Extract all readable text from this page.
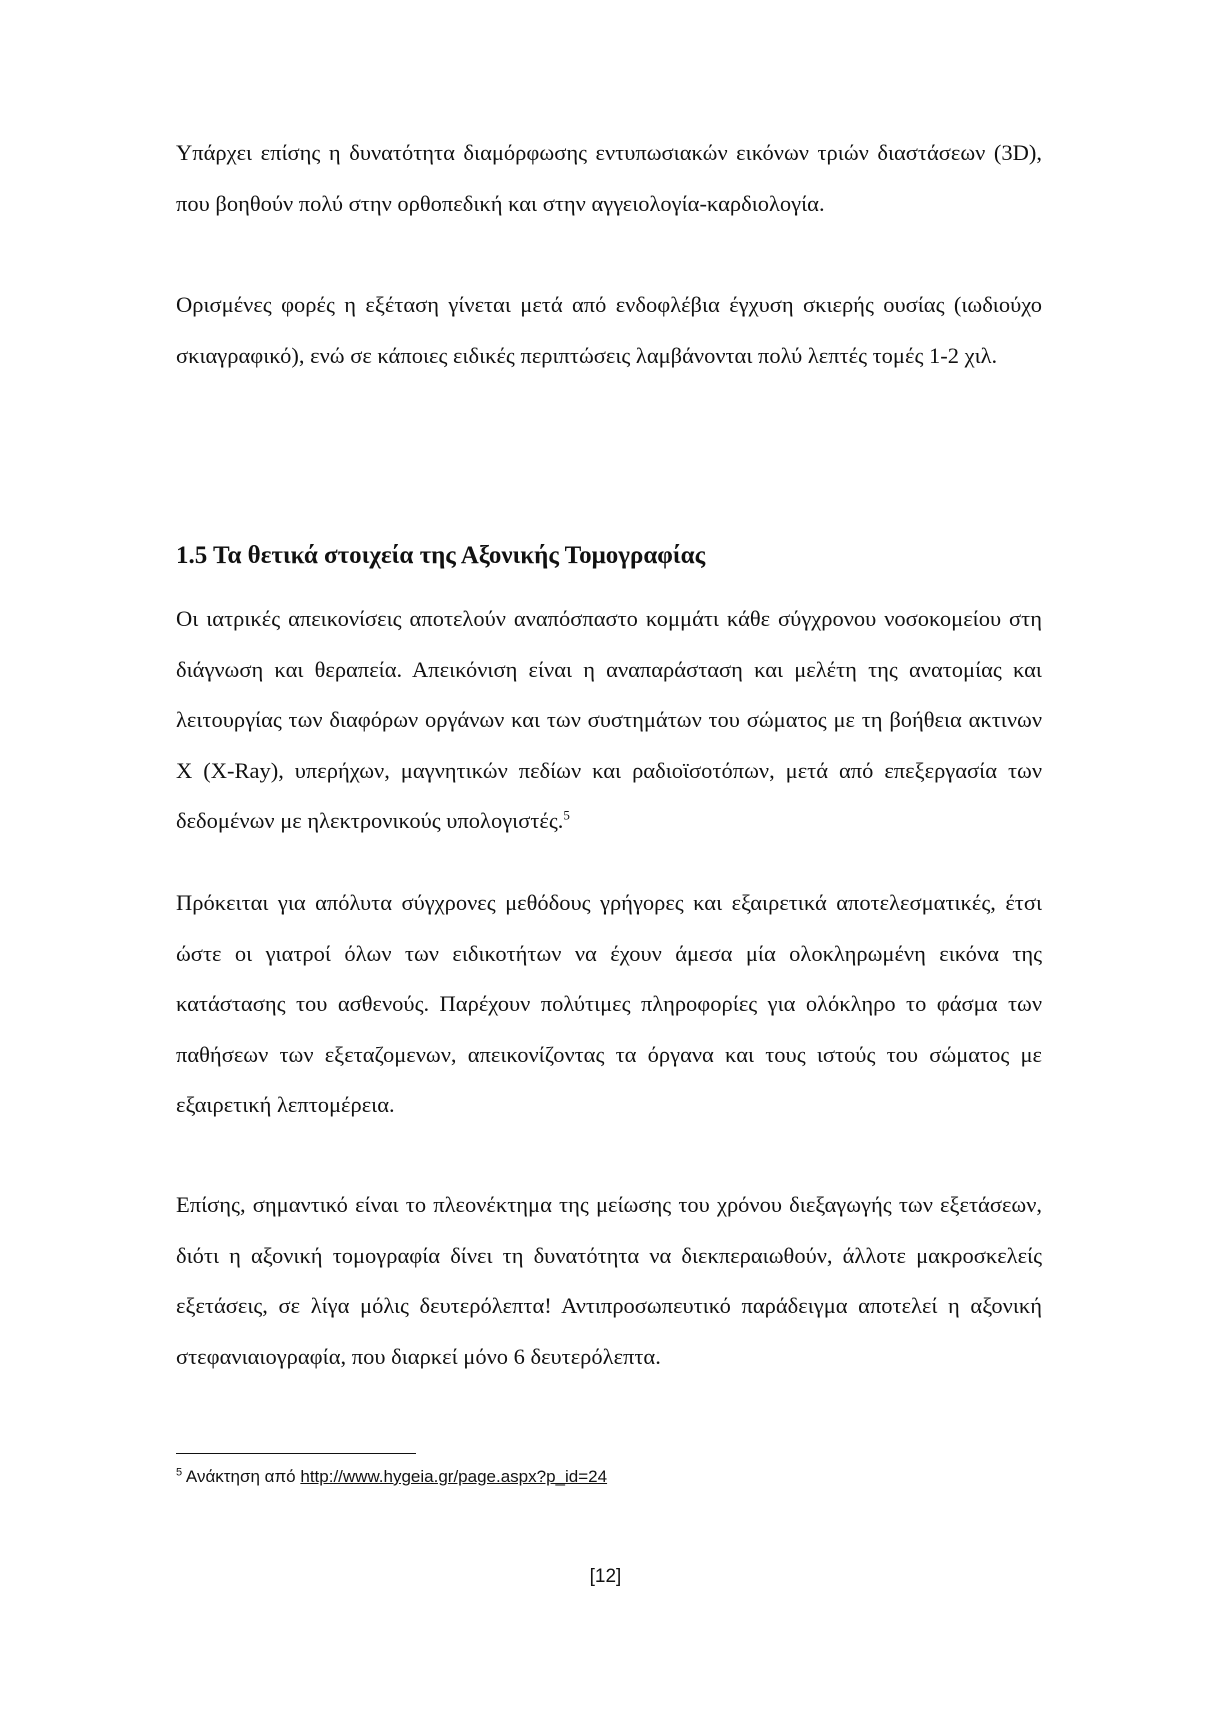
Υπάρχει επίσης η δυνατότητα διαμόρφωσης εντυπωσιακών εικόνων τριών διαστάσεων (3D), που βοηθούν πολύ στην ορθοπεδική και στην αγγειολογία-καρδιολογία.

Ορισμένες φορές η εξέταση γίνεται μετά από ενδοφλέβια έγχυση σκιερής ουσίας (ιωδιούχο σκιαγραφικό), ενώ σε κάποιες ειδικές περιπτώσεις λαμβάνονται πολύ λεπτές τομές 1-2 χιλ.

1.5 Τα θετικά στοιχεία της Αξονικής Τομογραφίας

Οι ιατρικές απεικονίσεις αποτελούν αναπόσπαστο κομμάτι κάθε σύγχρονου νοσοκομείου στη διάγνωση και θεραπεία. Απεικόνιση είναι η αναπαράσταση και μελέτη της ανατομίας και λειτουργίας των διαφόρων οργάνων και των συστημάτων του σώματος με τη βοήθεια ακτινων X (X-Ray), υπερήχων, μαγνητικών πεδίων και ραδιοϊσοτόπων, μετά από επεξεργασία των δεδομένων με ηλεκτρονικούς υπολογιστές.$^5$

Πρόκειται για απόλυτα σύγχρονες μεθόδους γρήγορες και εξαιρετικά αποτελεσματικές, έτσι ώστε οι γιατροί όλων των ειδικοτήτων να έχουν άμεσα μία ολοκληρωμένη εικόνα της κατάστασης του ασθενούς. Παρέχουν πολύτιμες πληροφορίες για ολόκληρο το φάσμα των παθήσεων των εξεταζομενων, απεικονίζοντας τα όργανα και τους ιστούς του σώματος με εξαιρετική λεπτομέρεια.

Επίσης, σημαντικό είναι το πλεονέκτημα της μείωσης του χρόνου διεξαγωγής των εξετάσεων, διότι η αξονική τομογραφία δίνει τη δυνατότητα να διεκπεραιωθούν, άλλοτε μακροσκελείς εξετάσεις, σε λίγα μόλις δευτερόλεπτα! Αντιπροσωπευτικό παράδειγμα αποτελεί η αξονική στεφανιαιογραφία, που διαρκεί μόνο 6 δευτερόλεπτα.

$^5$ Ανάκτηση από http://www.hygeia.gr/page.aspx?p_id=24
[12]
